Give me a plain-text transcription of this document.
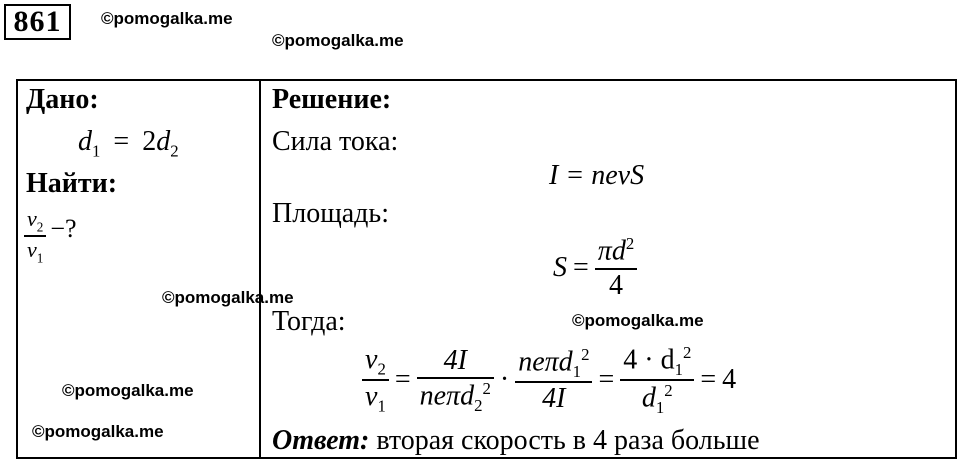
861	©pomogalka.me
©pomogalka.me
Дано:
$d_1 = 2d_2$
Найти:
$\frac{v_2}{v_1}$ −?
Решение:
Сила тока:
I = nevS
Площадь:
$S = \frac{\pi d^2}{4}$
Тогда:
$\frac{v_2}{v_1} = \frac{4I}{ne\pi d_2^2} \cdot \frac{ne\pi d_1^2}{4I} = \frac{4 \cdot d_1^2}{d_1^2} = 4$
Ответ: вторая скорость в 4 раза больше
©pomogalka.me
©pomogalka.me
©pomogalka.me
©pomogalka.me
